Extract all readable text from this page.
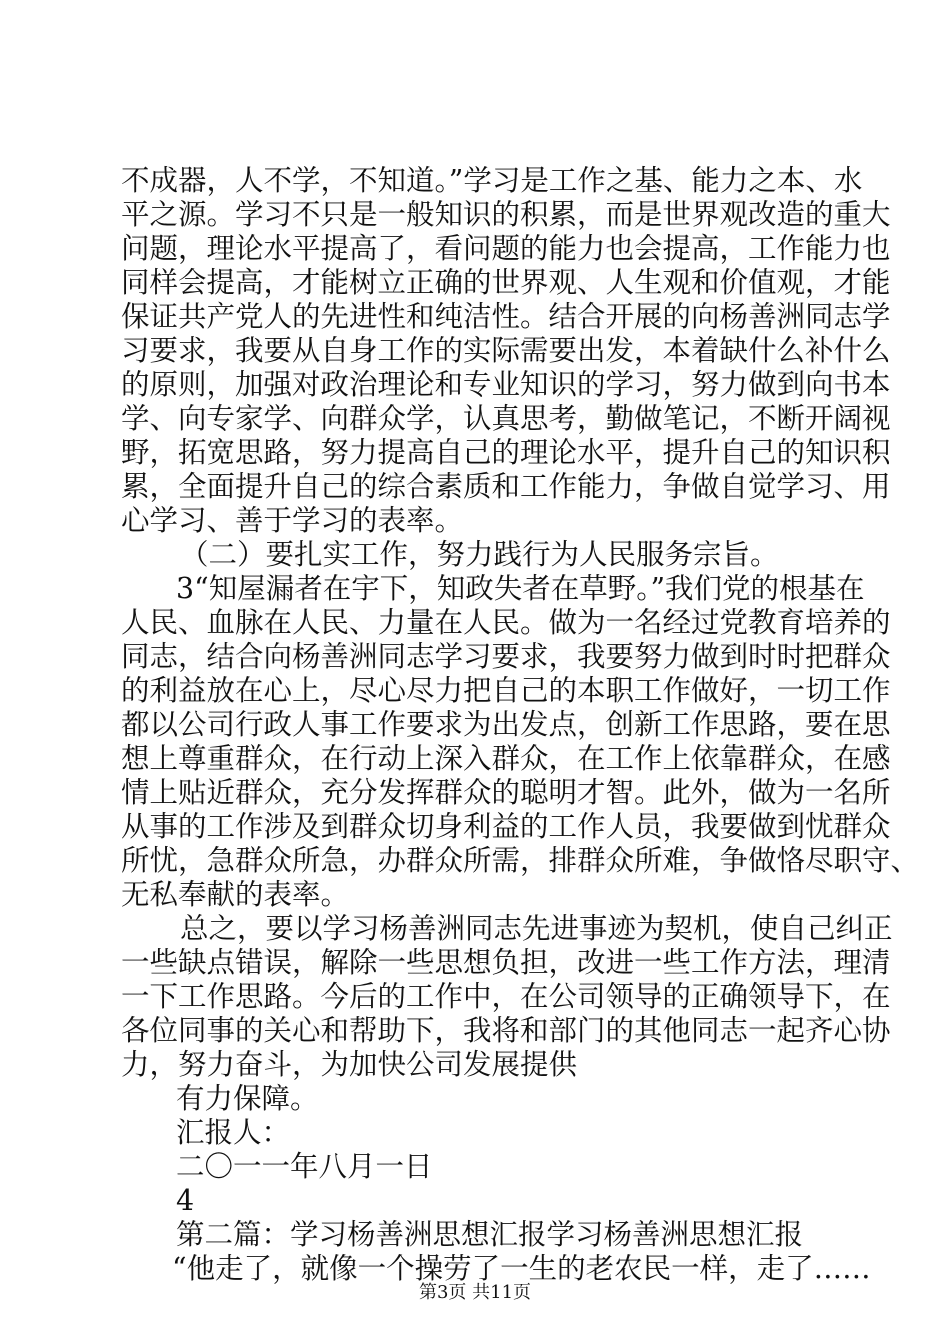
不成器，人不学，不知道。”学习是工作之基、能力之本、水
平之源。学习不只是一般知识的积累，而是世界观改造的重大
问题，理论水平提高了，看问题的能力也会提高，工作能力也
同样会提高，才能树立正确的世界观、人生观和价值观，才能
保证共产党人的先进性和纯洁性。结合开展的向杨善洲同志学
习要求，我要从自身工作的实际需要出发，本着缺什么补什么
的原则，加强对政治理论和专业知识的学习，努力做到向书本
学、向专家学、向群众学，认真思考，勤做笔记，不断开阔视
野，拓宽思路，努力提高自己的理论水平，提升自己的知识积
累，全面提升自己的综合素质和工作能力，争做自觉学习、用
心学习、善于学习的表率。
（二）要扎实工作，努力践行为人民服务宗旨。
3“知屋漏者在宇下，知政失者在草野。”我们党的根基在
人民、血脉在人民、力量在人民。做为一名经过党教育培养的
同志，结合向杨善洲同志学习要求，我要努力做到时时把群众
的利益放在心上，尽心尽力把自己的本职工作做好，一切工作
都以公司行政人事工作要求为出发点，创新工作思路，要在思
想上尊重群众，在行动上深入群众，在工作上依靠群众，在感
情上贴近群众，充分发挥群众的聪明才智。此外，做为一名所
从事的工作涉及到群众切身利益的工作人员，我要做到忧群众
所忧，急群众所急，办群众所需，排群众所难，争做恪尽职守、
无私奉献的表率。
总之，要以学习杨善洲同志先进事迹为契机，使自己纠正
一些缺点错误，解除一些思想负担，改进一些工作方法，理清
一下工作思路。今后的工作中，在公司领导的正确领导下，在
各位同事的关心和帮助下，我将和部门的其他同志一起齐心协
力，努力奋斗，为加快公司发展提供
有力保障。
汇报人：
二〇一一年八月一日
4
第二篇：学习杨善洲思想汇报学习杨善洲思想汇报
“他走了，就像一个操劳了一生的老农民一样，走了……
第3页 共11页
